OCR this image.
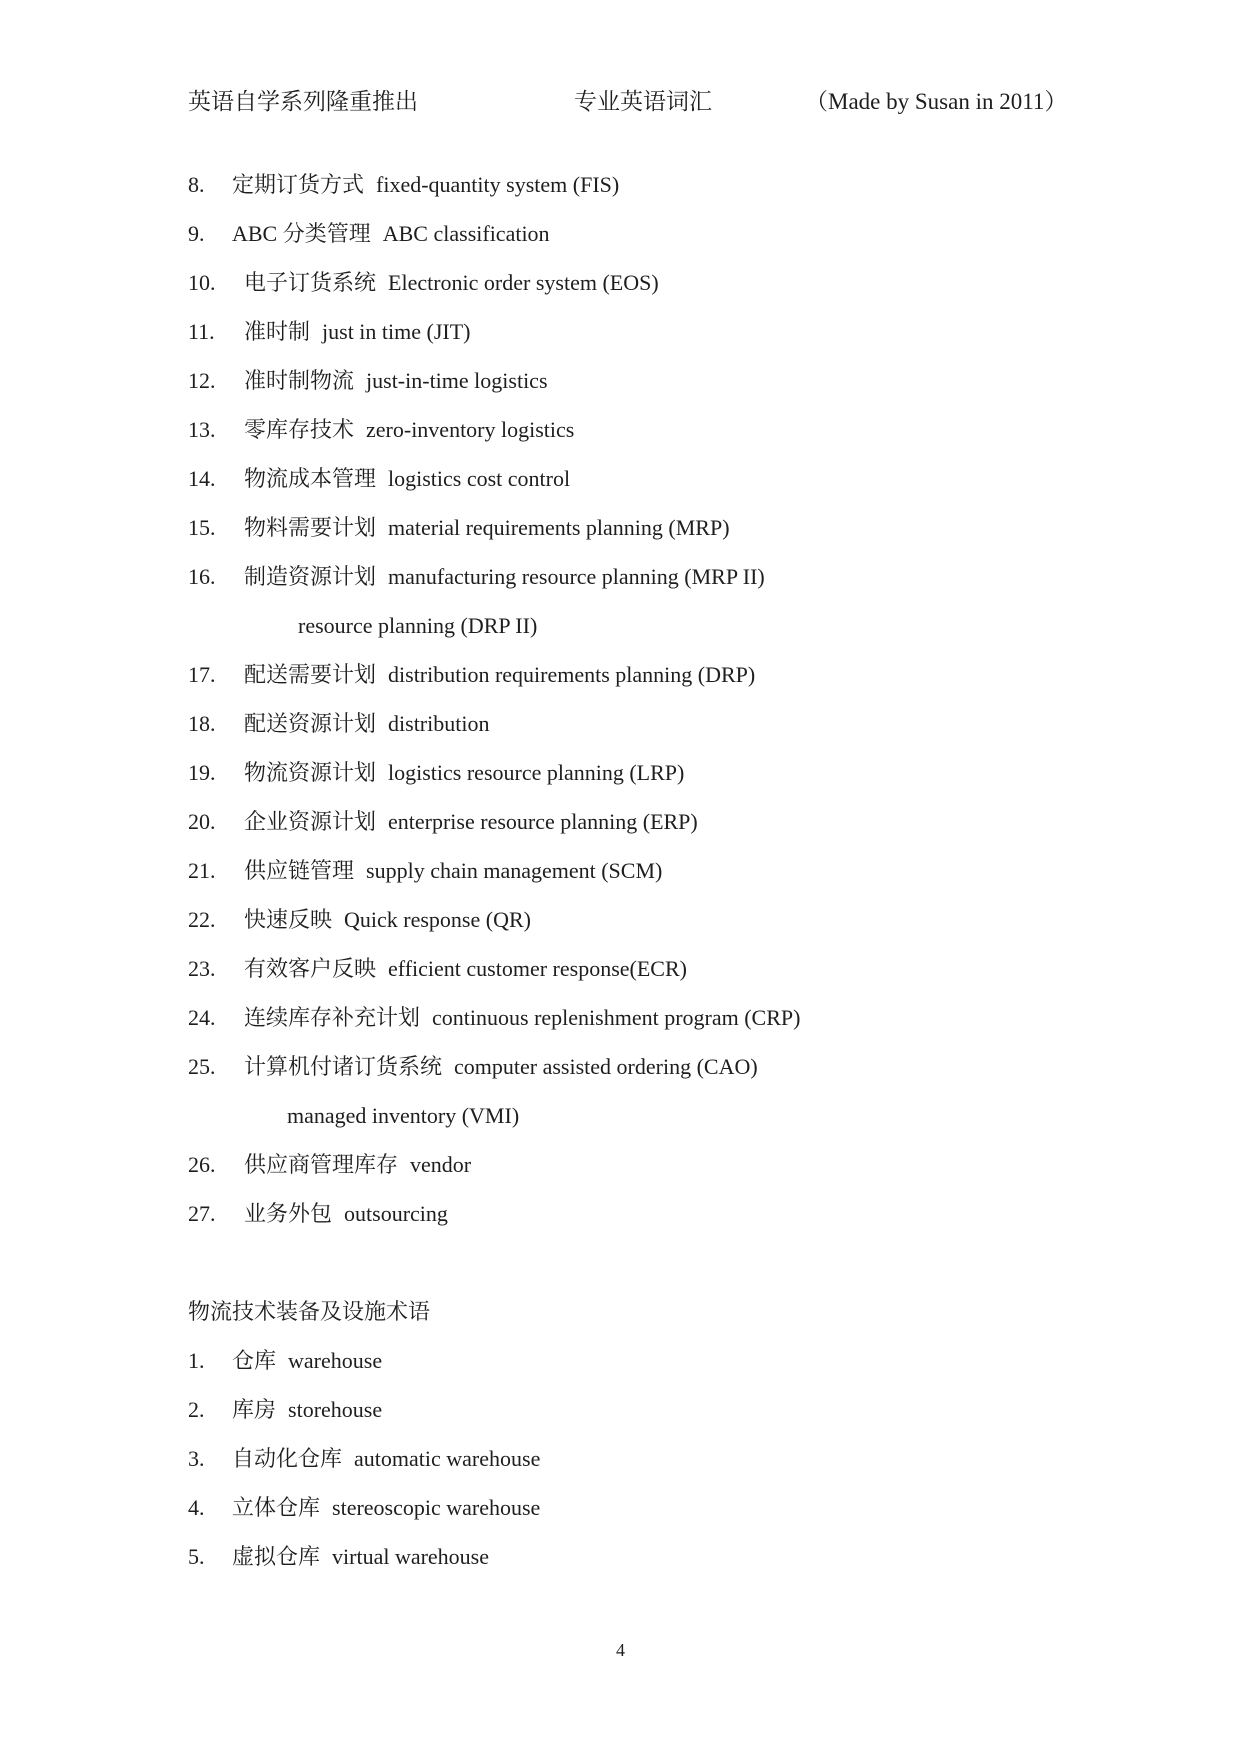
英语自学系列隆重推出	专业英语词汇	（Made by Susan in 2011）
8. 定期订货方式 fixed-quantity system (FIS)
9. ABC 分类管理 ABC classification
10. 电子订货系统 Electronic order system (EOS)
11. 准时制 just in time (JIT)
12. 准时制物流 just-in-time logistics
13. 零库存技术 zero-inventory logistics
14. 物流成本管理 logistics cost control
15. 物料需要计划 material requirements planning (MRP)
16. 制造资源计划 manufacturing resource planning (MRP II)
resource planning (DRP II)
17. 配送需要计划 distribution requirements planning (DRP)
18. 配送资源计划 distribution
19. 物流资源计划 logistics resource planning (LRP)
20. 企业资源计划 enterprise resource planning (ERP)
21. 供应链管理 supply chain management (SCM)
22. 快速反映 Quick response (QR)
23. 有效客户反映 efficient customer response(ECR)
24. 连续库存补充计划 continuous replenishment program (CRP)
25. 计算机付诸订货系统 computer assisted ordering (CAO)
managed inventory (VMI)
26. 供应商管理库存 vendor
27. 业务外包 outsourcing
物流技术装备及设施术语
1. 仓库 warehouse
2. 库房 storehouse
3. 自动化仓库 automatic warehouse
4. 立体仓库 stereoscopic warehouse
5. 虚拟仓库 virtual warehouse
4
